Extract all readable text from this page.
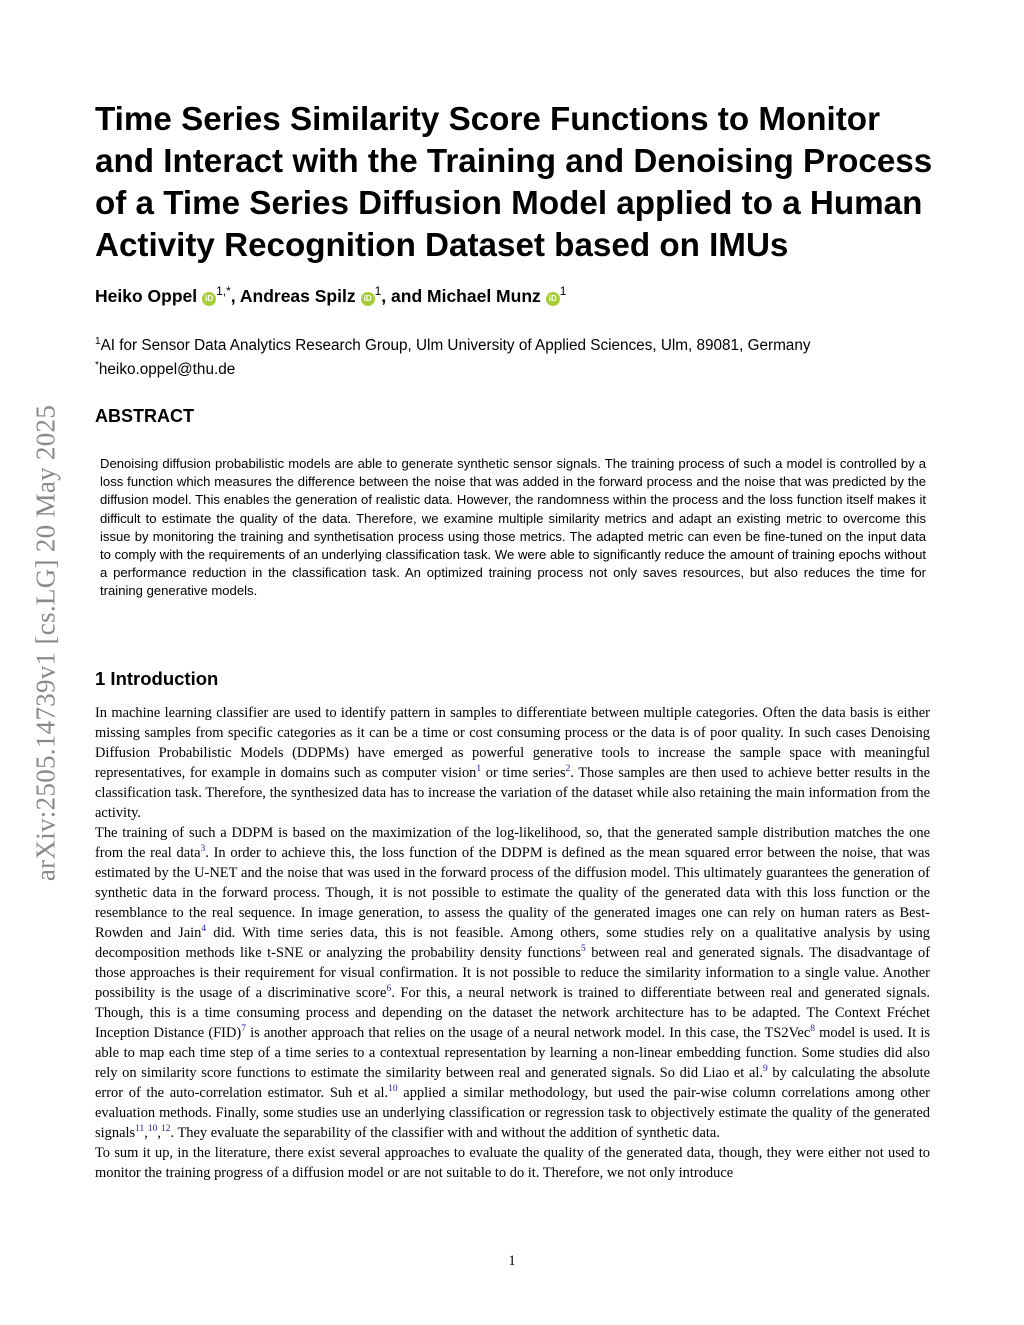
arXiv:2505.14739v1 [cs.LG] 20 May 2025
Time Series Similarity Score Functions to Monitor and Interact with the Training and Denoising Process of a Time Series Diffusion Model applied to a Human Activity Recognition Dataset based on IMUs
Heiko Oppel $iD^{1,*}$, Andreas Spilz $iD^1$, and Michael Munz $iD^1$
$^1$AI for Sensor Data Analytics Research Group, Ulm University of Applied Sciences, Ulm, 89081, Germany
*heiko.oppel@thu.de
ABSTRACT

Denoising diffusion probabilistic models are able to generate synthetic sensor signals. The training process of such a model is controlled by a loss function which measures the difference between the noise that was added in the forward process and the noise that was predicted by the diffusion model. This enables the generation of realistic data. However, the randomness within the process and the loss function itself makes it difficult to estimate the quality of the data. Therefore, we examine multiple similarity metrics and adapt an existing metric to overcome this issue by monitoring the training and synthetisation process using those metrics. The adapted metric can even be fine-tuned on the input data to comply with the requirements of an underlying classification task. We were able to significantly reduce the amount of training epochs without a performance reduction in the classification task. An optimized training process not only saves resources, but also reduces the time for training generative models.

1 Introduction

In machine learning classifier are used to identify pattern in samples to differentiate between multiple categories. Often the data basis is either missing samples from specific categories as it can be a time or cost consuming process or the data is of poor quality. In such cases Denoising Diffusion Probabilistic Models (DDPMs) have emerged as powerful generative tools to increase the sample space with meaningful representatives, for example in domains such as computer vision$^1$ or time series$^2$. Those samples are then used to achieve better results in the classification task. Therefore, the synthesized data has to increase the variation of the dataset while also retaining the main information from the activity.

The training of such a DDPM is based on the maximization of the log-likelihood, so, that the generated sample distribution matches the one from the real data$^3$. In order to achieve this, the loss function of the DDPM is defined as the mean squared error between the noise, that was estimated by the U-NET and the noise that was used in the forward process of the diffusion model. This ultimately guarantees the generation of synthetic data in the forward process. Though, it is not possible to estimate the quality of the generated data with this loss function or the resemblance to the real sequence. In image generation, to assess the quality of the generated images one can rely on human raters as Best-Rowden and Jain$^4$ did. With time series data, this is not feasible. Among others, some studies rely on a qualitative analysis by using decomposition methods like t-SNE or analyzing the probability density functions$^5$ between real and generated signals. The disadvantage of those approaches is their requirement for visual confirmation. It is not possible to reduce the similarity information to a single value. Another possibility is the usage of a discriminative score$^6$. For this, a neural network is trained to differentiate between real and generated signals. Though, this is a time consuming process and depending on the dataset the network architecture has to be adapted. The Context Fréchet Inception Distance (FID)$^7$ is another approach that relies on the usage of a neural network model. In this case, the TS2Vec$^8$ model is used. It is able to map each time step of a time series to a contextual representation by learning a non-linear embedding function. Some studies did also rely on similarity score functions to estimate the similarity between real and generated signals. So did Liao et al.$^9$ by calculating the absolute error of the auto-correlation estimator. Suh et al.$^{10}$ applied a similar methodology, but used the pair-wise column correlations among other evaluation methods. Finally, some studies use an underlying classification or regression task to objectively estimate the quality of the generated signals$^{11}$,$^{10}$,$^{12}$. They evaluate the separability of the classifier with and without the addition of synthetic data.

To sum it up, in the literature, there exist several approaches to evaluate the quality of the generated data, though, they were either not used to monitor the training progress of a diffusion model or are not suitable to do it. Therefore, we not only introduce

1
